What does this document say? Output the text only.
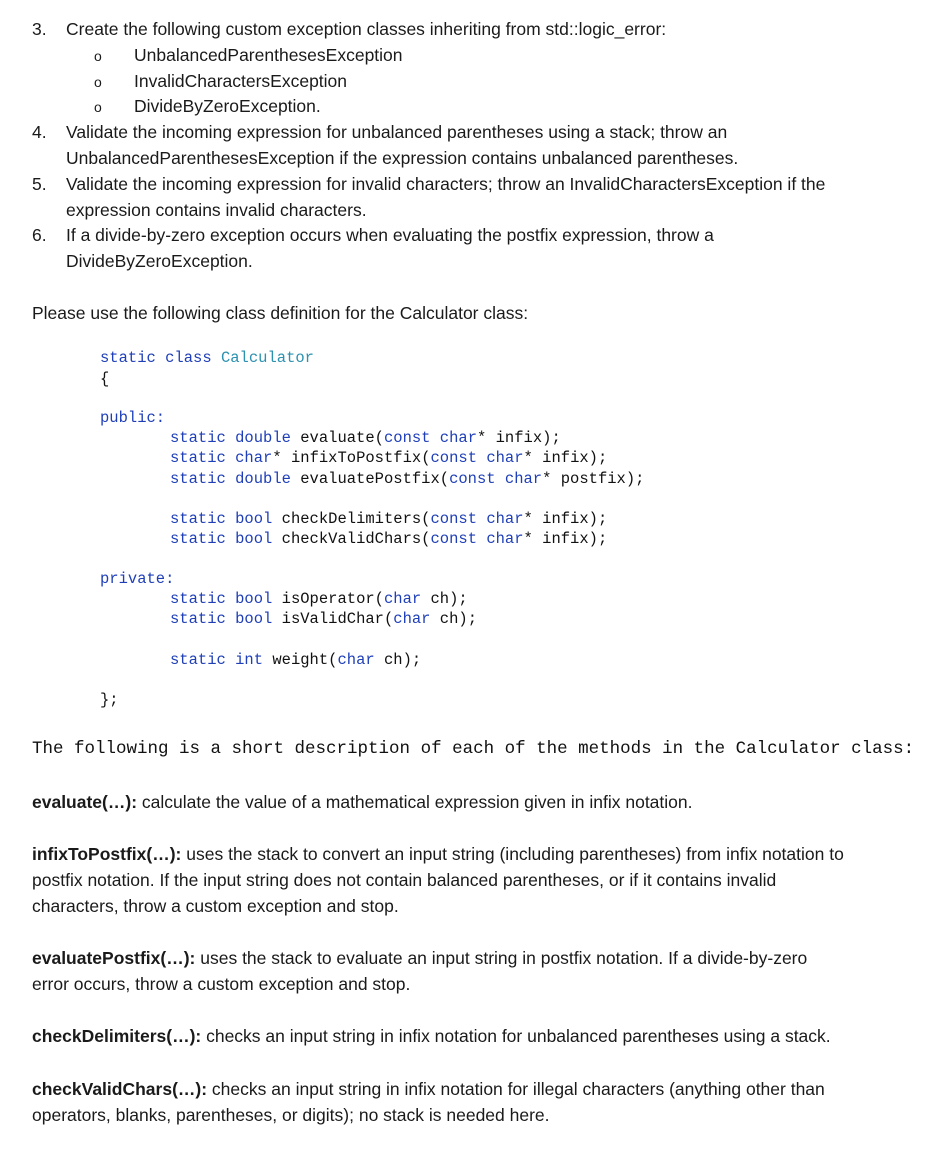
3. Create the following custom exception classes inheriting from std::logic_error:
o UnbalancedParenthesesException
o InvalidCharactersException
o DivideByZeroException.
4. Validate the incoming expression for unbalanced parentheses using a stack; throw an
UnbalancedParenthesesException if the expression contains unbalanced parentheses.
5. Validate the incoming expression for invalid characters; throw an InvalidCharactersException if the
expression contains invalid characters.
6. If a divide-by-zero exception occurs when evaluating the postfix expression, throw a
DivideByZeroException.
Please use the following class definition for the Calculator class:
static class Calculator
{
public:
static double evaluate(const char* infix);
static char* infixToPostfix(const char* infix);
static double evaluatePostfix(const char* postfix);
static bool checkDelimiters(const char* infix);
static bool checkValidChars(const char* infix);
private:
static bool isOperator(char ch);
static bool isValidChar(char ch);
static int weight(char ch);
};
The following is a short description of each of the methods in the Calculator class:
evaluate(…): calculate the value of a mathematical expression given in infix notation.
infixToPostfix(…): uses the stack to convert an input string (including parentheses) from infix notation to
postfix notation. If the input string does not contain balanced parentheses, or if it contains invalid
characters, throw a custom exception and stop.
evaluatePostfix(…): uses the stack to evaluate an input string in postfix notation. If a divide-by-zero
error occurs, throw a custom exception and stop.
checkDelimiters(…): checks an input string in infix notation for unbalanced parentheses using a stack.
checkValidChars(…): checks an input string in infix notation for illegal characters (anything other than
operators, blanks, parentheses, or digits); no stack is needed here.
